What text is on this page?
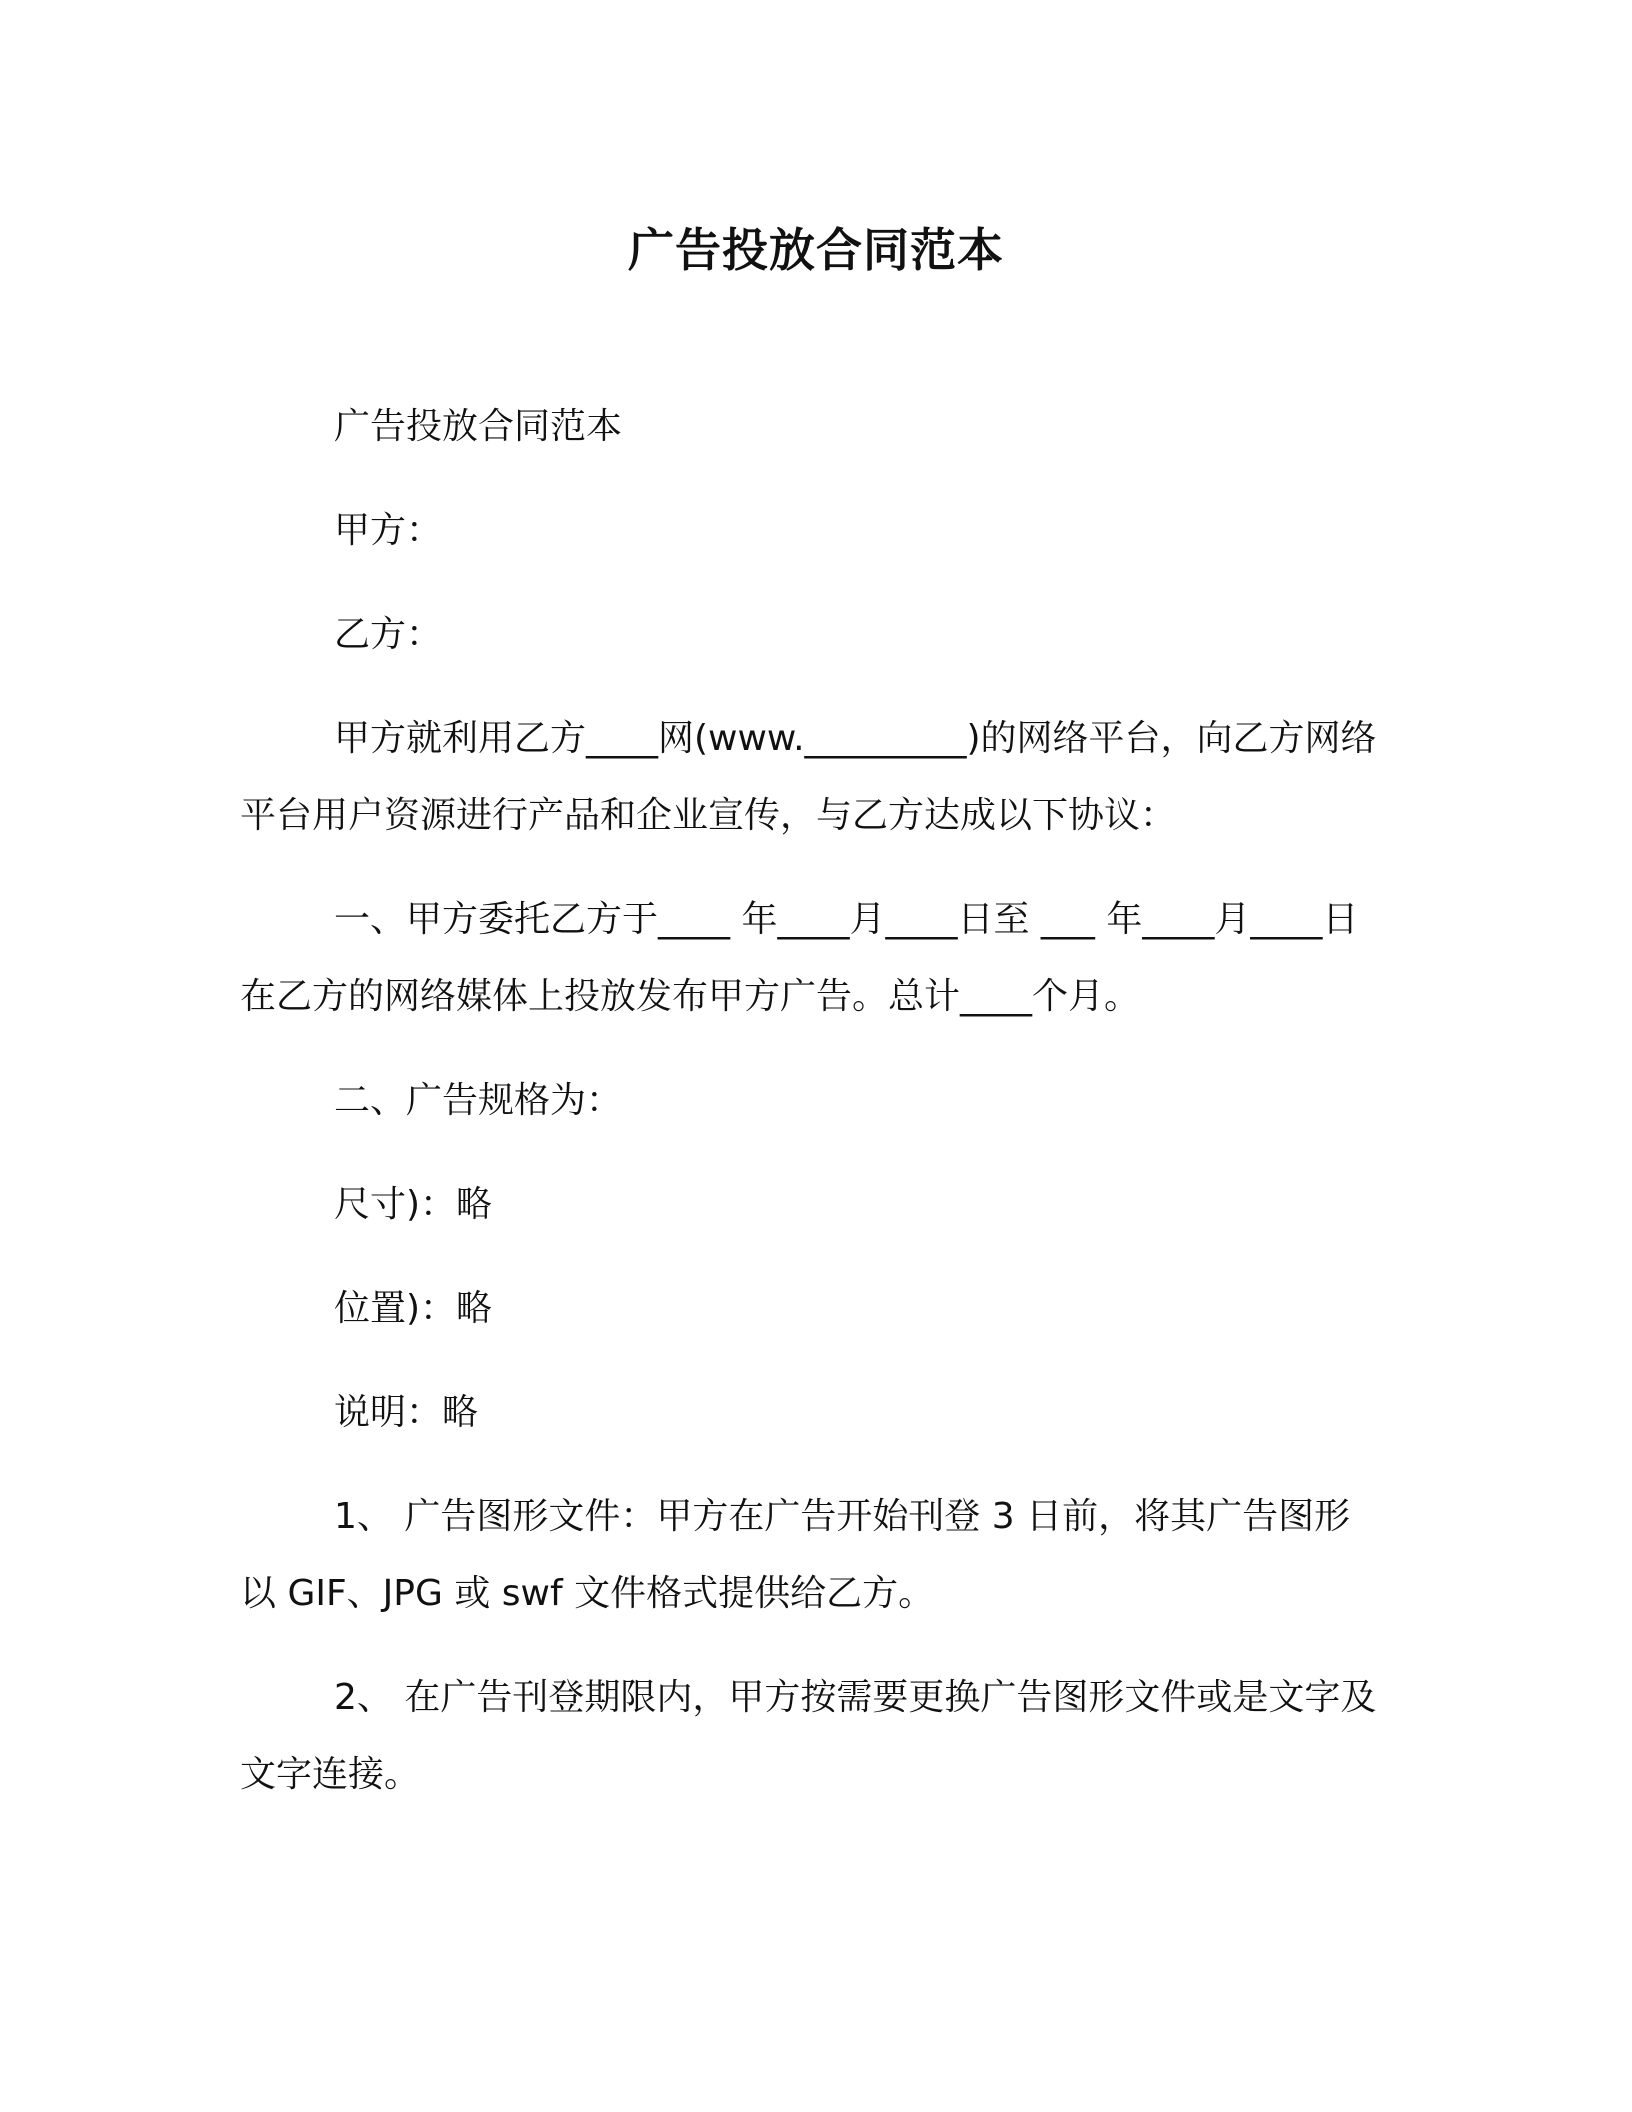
广告投放合同范本

广告投放合同范本

甲方：

乙方：

甲方就利用乙方____网(www._________)的网络平台，向乙方网络平台用户资源进行产品和企业宣传，与乙方达成以下协议：

一、甲方委托乙方于____ 年____月____日至 ___ 年____月____日在乙方的网络媒体上投放发布甲方广告。总计____个月。

二、广告规格为：

尺寸)：略

位置)：略

说明：略

1、 广告图形文件：甲方在广告开始刊登 3 日前，将其广告图形以 GIF、JPG 或 swf 文件格式提供给乙方。

2、 在广告刊登期限内，甲方按需要更换广告图形文件或是文字及文字连接。
